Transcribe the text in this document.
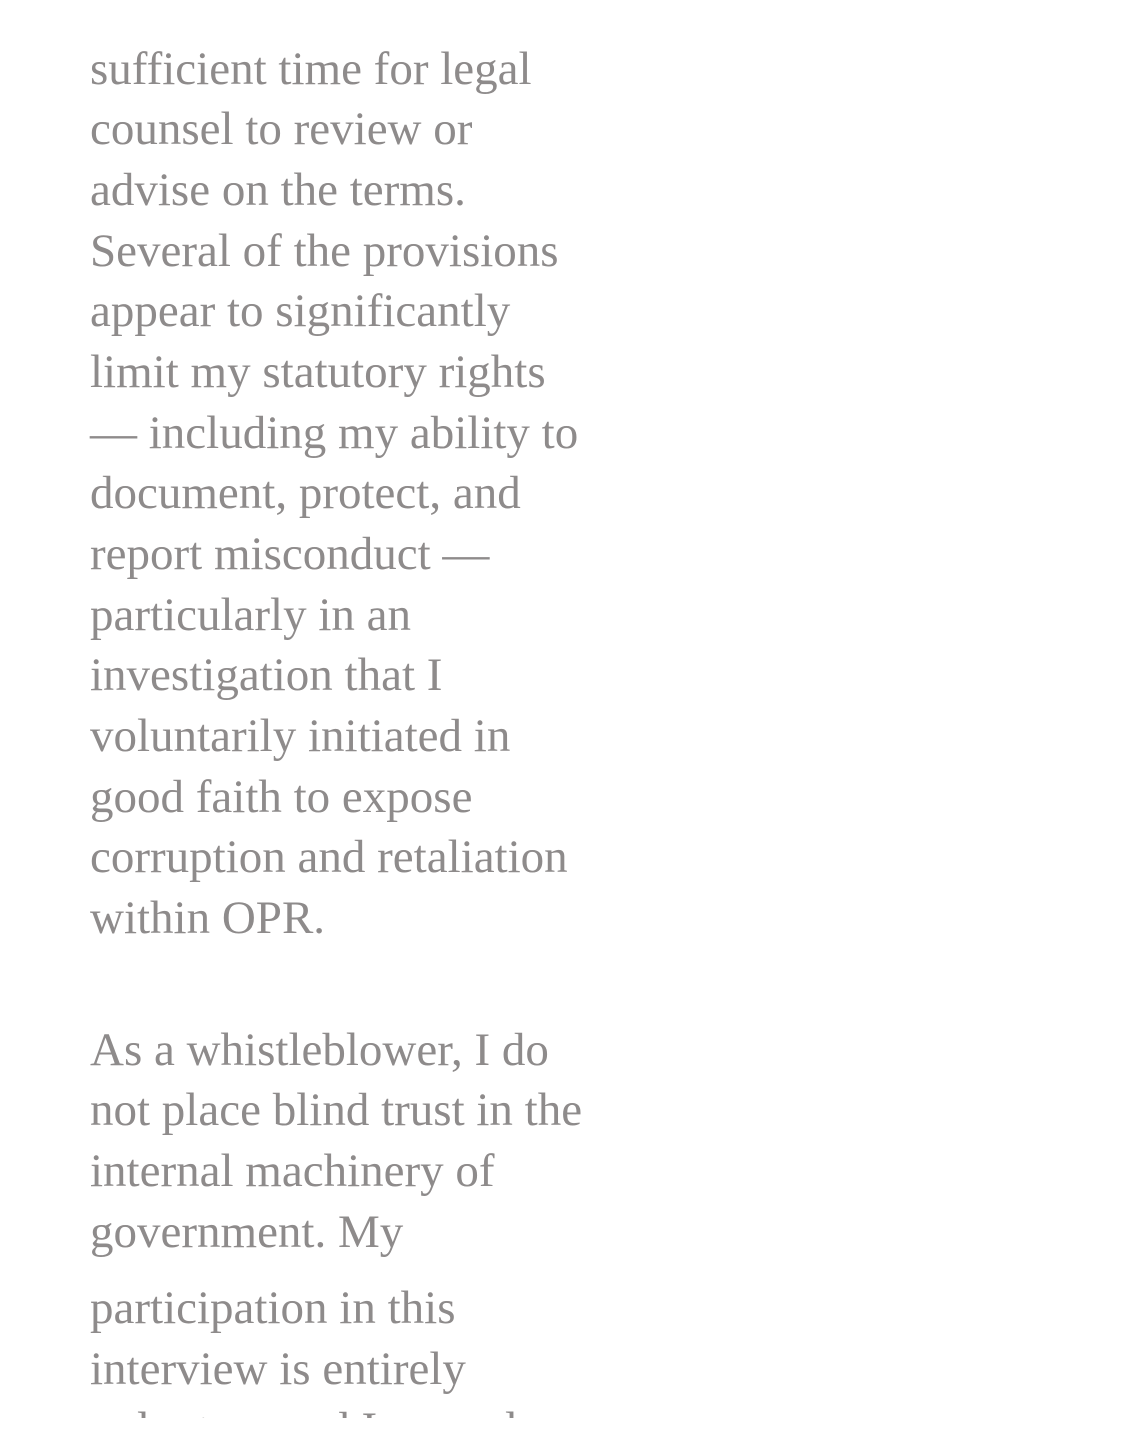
sufficient time for legal

counsel to review or

advise on the terms.

Several of the provisions

appear to significantly

limit my statutory rights

— including my ability to

document, protect, and

report misconduct —

particularly in an

investigation that I

voluntarily initiated in

good faith to expose

corruption and retaliation

within OPR.

As a whistleblower, I do

not place blind trust in the

internal machinery of

government. My

participation in this

interview is entirely
